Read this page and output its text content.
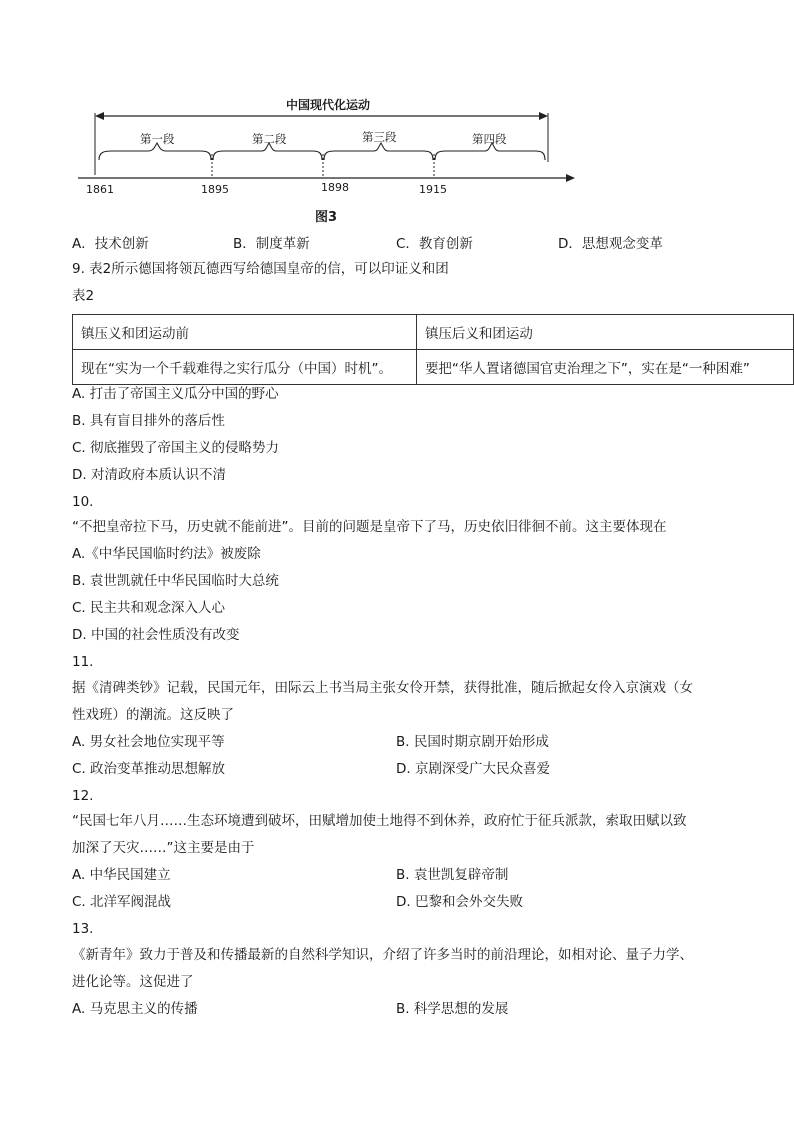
中国现代化运动
第一段	第二段	第三段	第四段
1861	1895	1898	1915
图3
A．技术创新	B．制度革新	C．教育创新	D．思想观念变革
9. 表2所示德国将领瓦德西写给德国皇帝的信，可以印证义和团
表2
镇压义和团运动前	镇压后义和团运动
现在“实为一个千载难得之实行瓜分（中国）时机”。	要把“华人置诸德国官吏治理之下”，实在是“一种困难”
A. 打击了帝国主义瓜分中国的野心
B. 具有盲目排外的落后性
C. 彻底摧毁了帝国主义的侵略势力
D. 对清政府本质认识不清
10.
“不把皇帝拉下马，历史就不能前进”。目前的问题是皇帝下了马，历史依旧徘徊不前。这主要体现在
A.《中华民国临时约法》被废除
B. 袁世凯就任中华民国临时大总统
C. 民主共和观念深入人心
D. 中国的社会性质没有改变
11.
据《清碑类钞》记载，民国元年，田际云上书当局主张女伶开禁，获得批准，随后掀起女伶入京演戏（女
性戏班）的潮流。这反映了
A. 男女社会地位实现平等	B. 民国时期京剧开始形成
C. 政治变革推动思想解放	D. 京剧深受广大民众喜爱
12.
“民国七年八月……生态环境遭到破坏，田赋增加使土地得不到休养，政府忙于征兵派款，索取田赋以致
加深了天灾……”这主要是由于
A. 中华民国建立	B. 袁世凯复辟帝制
C. 北洋军阀混战	D. 巴黎和会外交失败
13.
《新青年》致力于普及和传播最新的自然科学知识，介绍了许多当时的前沿理论，如相对论、量子力学、
进化论等。这促进了
A. 马克思主义的传播	B. 科学思想的发展
